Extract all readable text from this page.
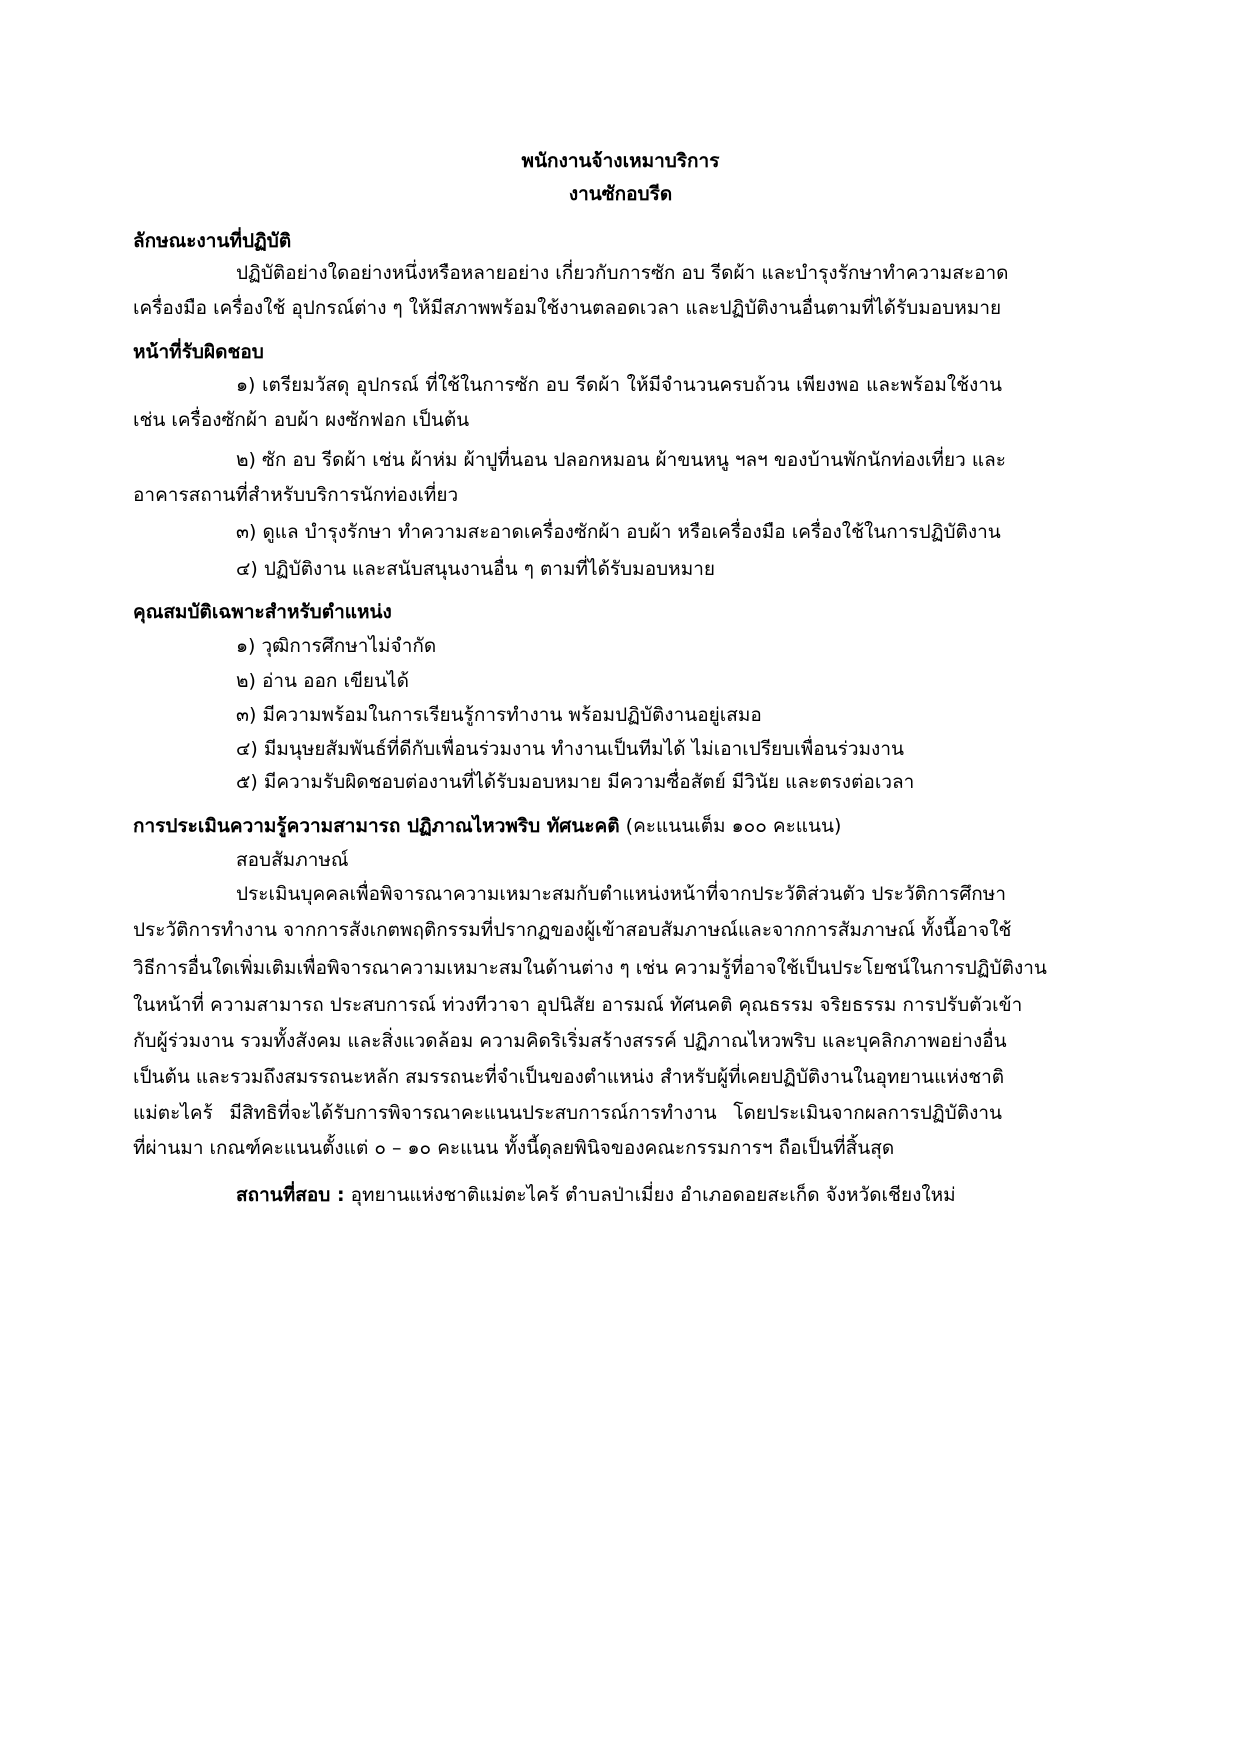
พนักงานจ้างเหมาบริการ
งานซักอบรีด
ลักษณะงานที่ปฏิบัติ
ปฏิบัติอย่างใดอย่างหนึ่งหรือหลายอย่าง เกี่ยวกับการซัก อบ รีดผ้า และบำรุงรักษาทำความสะอาด
เครื่องมือ เครื่องใช้ อุปกรณ์ต่าง ๆ ให้มีสภาพพร้อมใช้งานตลอดเวลา และปฏิบัติงานอื่นตามที่ได้รับมอบหมาย
หน้าที่รับผิดชอบ
๑) เตรียมวัสดุ อุปกรณ์ ที่ใช้ในการซัก อบ รีดผ้า ให้มีจำนวนครบถ้วน เพียงพอ และพร้อมใช้งาน
เช่น เครื่องซักผ้า อบผ้า ผงซักฟอก เป็นต้น
๒) ซัก อบ รีดผ้า เช่น ผ้าห่ม ผ้าปูที่นอน ปลอกหมอน ผ้าขนหนู ฯลฯ ของบ้านพักนักท่องเที่ยว และ
อาคารสถานที่สำหรับบริการนักท่องเที่ยว
๓) ดูแล บำรุงรักษา ทำความสะอาดเครื่องซักผ้า อบผ้า หรือเครื่องมือ เครื่องใช้ในการปฏิบัติงาน
๔) ปฏิบัติงาน และสนับสนุนงานอื่น ๆ ตามที่ได้รับมอบหมาย
คุณสมบัติเฉพาะสำหรับตำแหน่ง
๑) วุฒิการศึกษาไม่จำกัด
๒) อ่าน ออก เขียนได้
๓) มีความพร้อมในการเรียนรู้การทำงาน พร้อมปฏิบัติงานอยู่เสมอ
๔) มีมนุษยสัมพันธ์ที่ดีกับเพื่อนร่วมงาน ทำงานเป็นทีมได้ ไม่เอาเปรียบเพื่อนร่วมงาน
๕) มีความรับผิดชอบต่องานที่ได้รับมอบหมาย มีความซื่อสัตย์ มีวินัย และตรงต่อเวลา
การประเมินความรู้ความสามารถ ปฏิภาณไหวพริบ ทัศนะคติ (คะแนนเต็ม ๑๐๐ คะแนน)
สอบสัมภาษณ์
ประเมินบุคคลเพื่อพิจารณาความเหมาะสมกับตำแหน่งหน้าที่จากประวัติส่วนตัว ประวัติการศึกษา
ประวัติการทำงาน จากการสังเกตพฤติกรรมที่ปรากฏของผู้เข้าสอบสัมภาษณ์และจากการสัมภาษณ์ ทั้งนี้อาจใช้
วิธีการอื่นใดเพิ่มเติมเพื่อพิจารณาความเหมาะสมในด้านต่าง ๆ เช่น ความรู้ที่อาจใช้เป็นประโยชน์ในการปฏิบัติงาน
ในหน้าที่ ความสามารถ ประสบการณ์ ท่วงทีวาจา อุปนิสัย อารมณ์ ทัศนคติ คุณธรรม จริยธรรม การปรับตัวเข้า
กับผู้ร่วมงาน รวมทั้งสังคม และสิ่งแวดล้อม ความคิดริเริ่มสร้างสรรค์ ปฏิภาณไหวพริบ และบุคลิกภาพอย่างอื่น
เป็นต้น และรวมถึงสมรรถนะหลัก สมรรถนะที่จำเป็นของตำแหน่ง สำหรับผู้ที่เคยปฏิบัติงานในอุทยานแห่งชาติ
แม่ตะไคร้ มีสิทธิที่จะได้รับการพิจารณาคะแนนประสบการณ์การทำงาน โดยประเมินจากผลการปฏิบัติงาน
ที่ผ่านมา เกณฑ์คะแนนตั้งแต่ ๐ – ๑๐ คะแนน ทั้งนี้ดุลยพินิจของคณะกรรมการฯ ถือเป็นที่สิ้นสุด
สถานที่สอบ : อุทยานแห่งชาติแม่ตะไคร้ ตำบลป่าเมี่ยง อำเภอดอยสะเก็ด จังหวัดเชียงใหม่
